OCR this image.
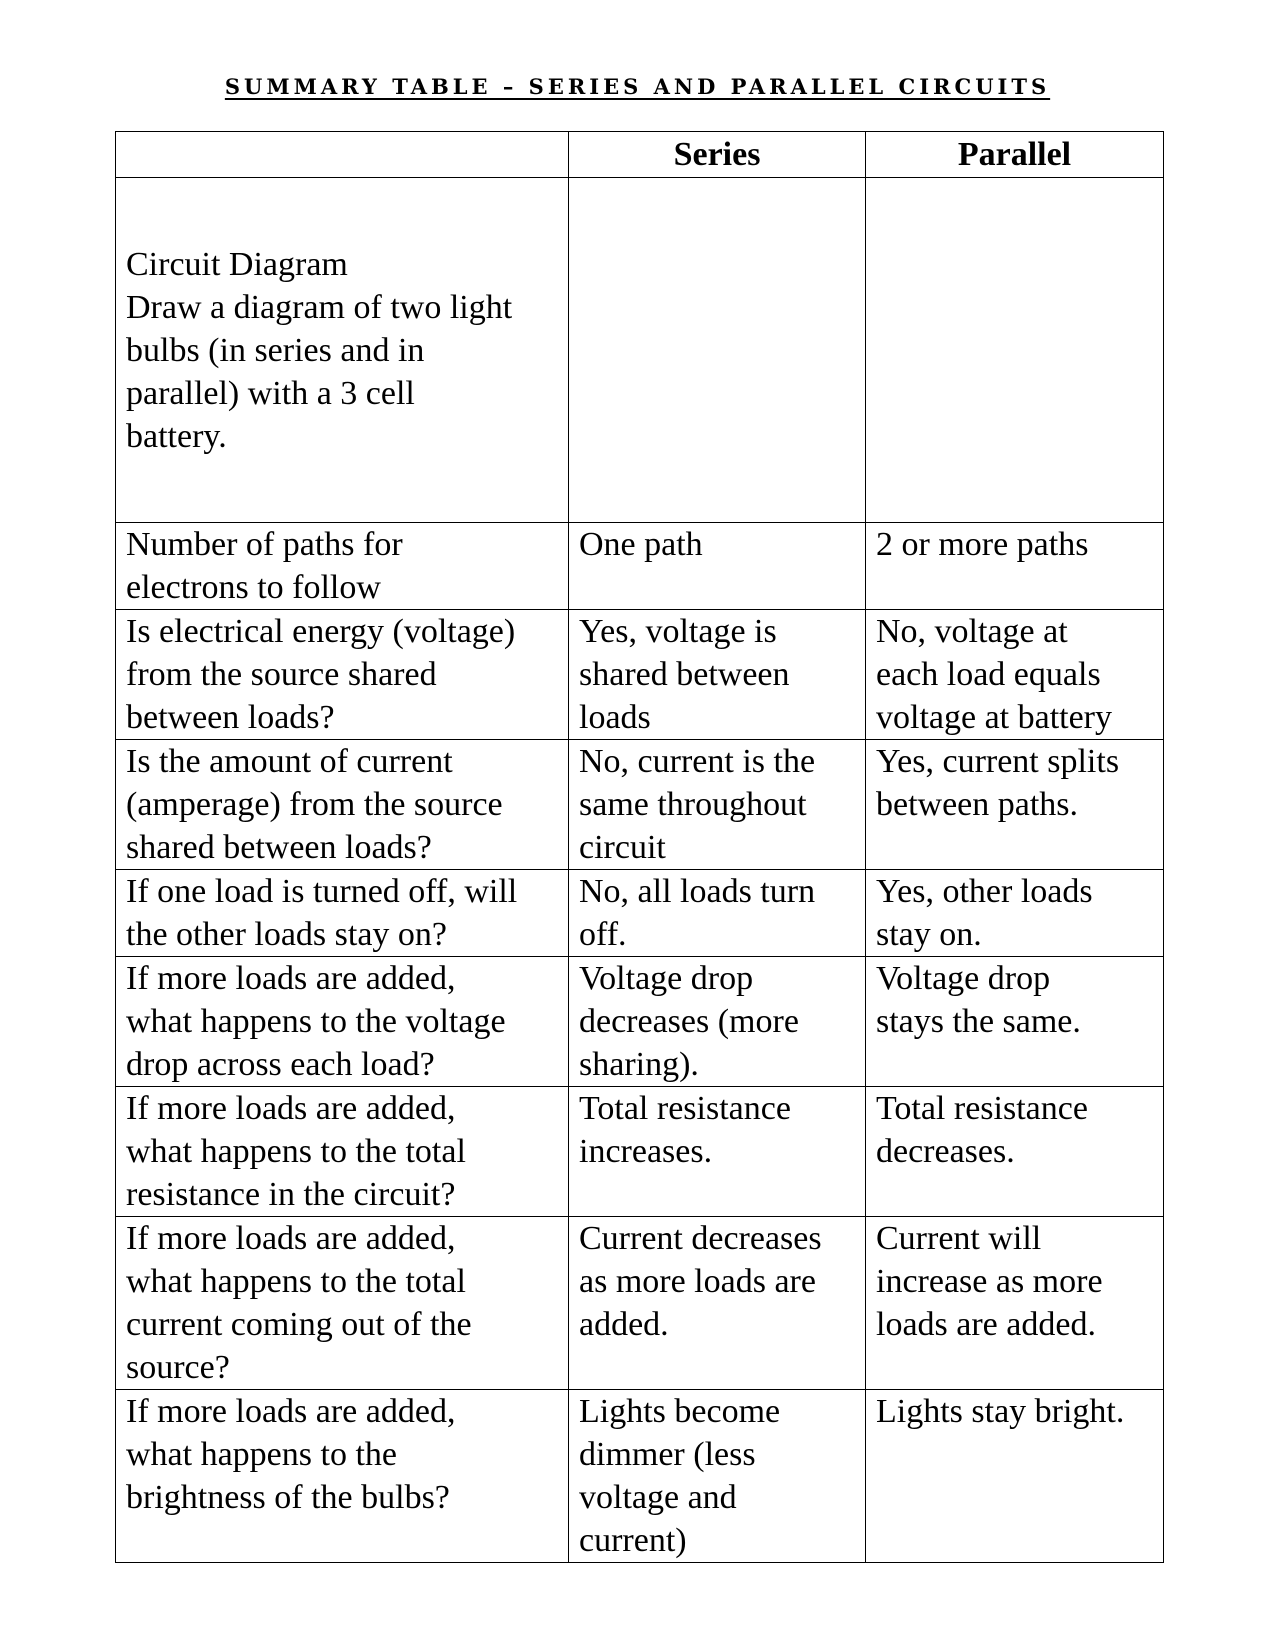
SUMMARY TABLE – SERIES AND PARALLEL CIRCUITS
	Series	Parallel

Circuit Diagram
Draw a diagram of two light
bulbs (in series and in
parallel) with a 3 cell
battery.		

Number of paths for
electrons to follow	One path	2 or more paths

Is electrical energy (voltage)
from the source shared
between loads?	Yes, voltage is
shared between
loads	No, voltage at
each load equals
voltage at battery

Is the amount of current
(amperage) from the source
shared between loads?	No, current is the
same throughout
circuit	Yes, current splits
between paths.

If one load is turned off, will
the other loads stay on?	No, all loads turn
off.	Yes, other loads
stay on.

If more loads are added,
what happens to the voltage
drop across each load?	Voltage drop
decreases (more
sharing).	Voltage drop
stays the same.

If more loads are added,
what happens to the total
resistance in the circuit?	Total resistance
increases.	Total resistance
decreases.

If more loads are added,
what happens to the total
current coming out of the
source?	Current decreases
as more loads are
added.	Current will
increase as more
loads are added.

If more loads are added,
what happens to the
brightness of the bulbs?	Lights become
dimmer (less
voltage and
current)	Lights stay bright.
